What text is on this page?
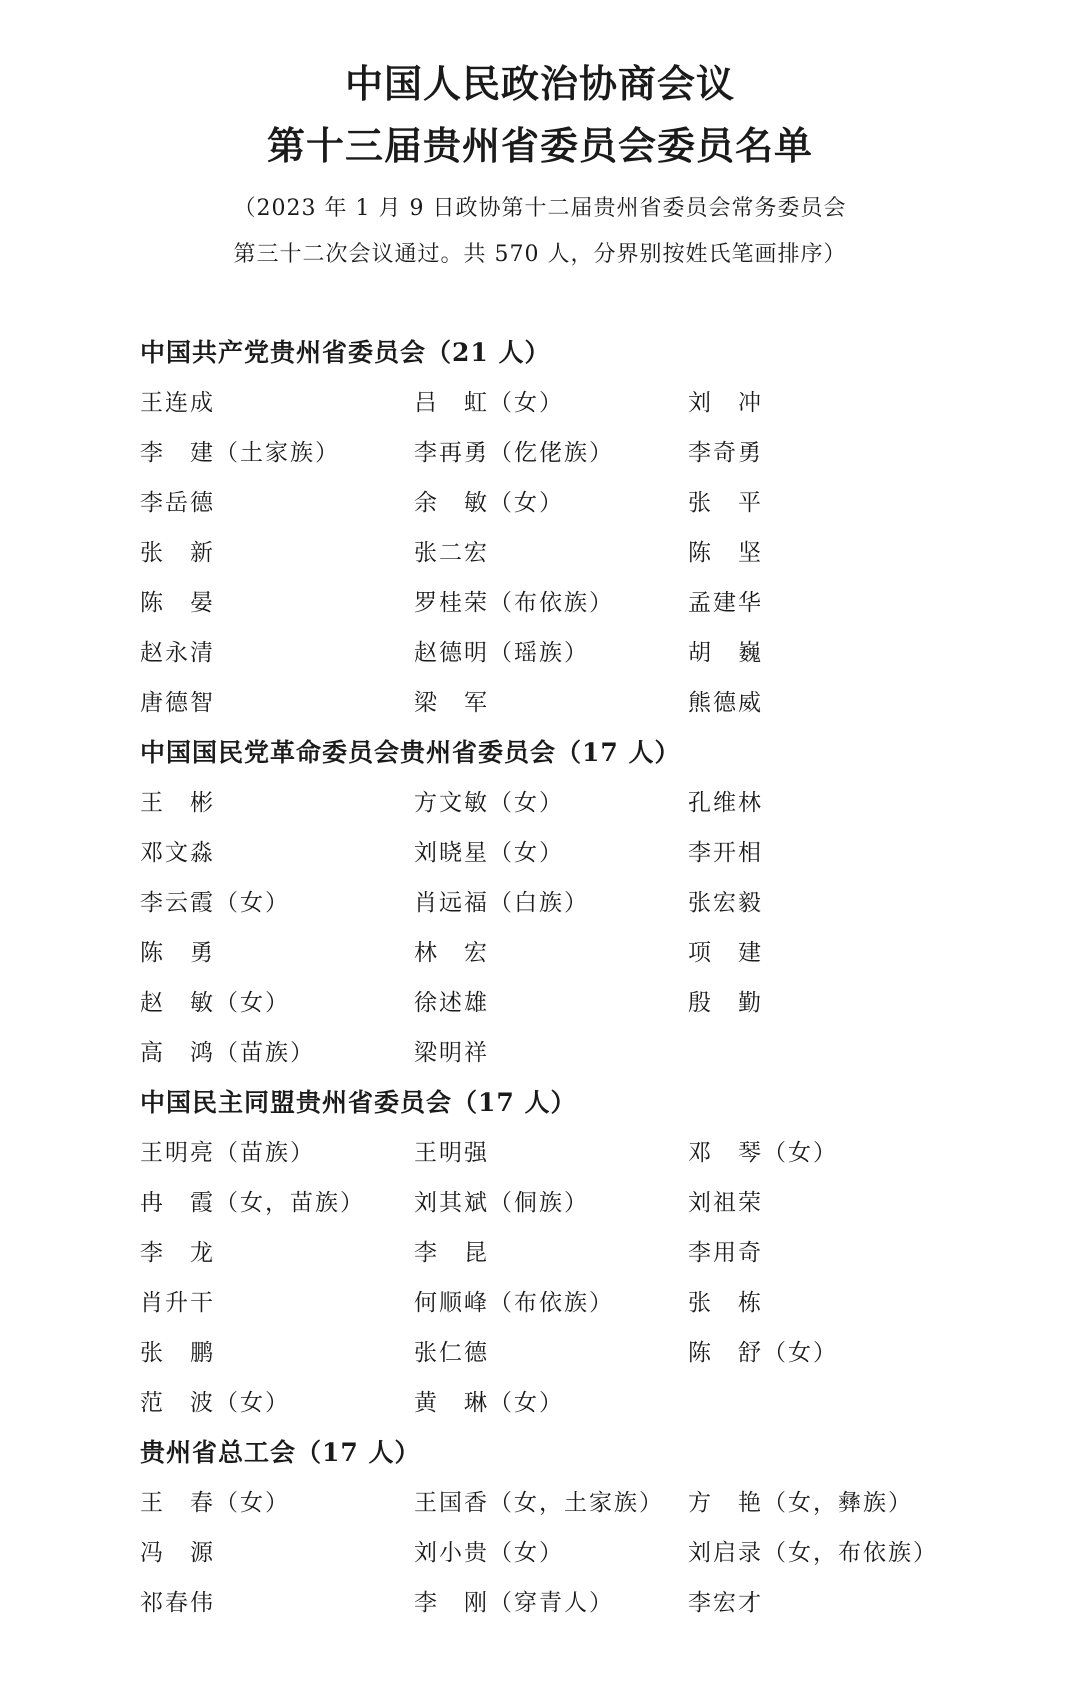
中国人民政治协商会议
第十三届贵州省委员会委员名单
（2023 年 1 月 9 日政协第十二届贵州省委员会常务委员会
第三十二次会议通过。共 570 人，分界别按姓氏笔画排序）
中国共产党贵州省委员会（21 人）
王连成	吕　虹（女）	刘　冲
李　建（土家族）	李再勇（仡佬族）	李奇勇
李岳德	余　敏（女）	张　平
张　新	张二宏	陈　坚
陈　晏	罗桂荣（布依族）	孟建华
赵永清	赵德明（瑶族）	胡　巍
唐德智	梁　军	熊德威
中国国民党革命委员会贵州省委员会（17 人）
王　彬	方文敏（女）	孔维林
邓文淼	刘晓星（女）	李开相
李云霞（女）	肖远福（白族）	张宏毅
陈　勇	林　宏	项　建
赵　敏（女）	徐述雄	殷　勤
高　鸿（苗族）	梁明祥
中国民主同盟贵州省委员会（17 人）
王明亮（苗族）	王明强	邓　琴（女）
冉　霞（女，苗族）	刘其斌（侗族）	刘祖荣
李　龙	李　昆	李用奇
肖升干	何顺峰（布依族）	张　栋
张　鹏	张仁德	陈　舒（女）
范　波（女）	黄　琳（女）
贵州省总工会（17 人）
王　春（女）	王国香（女，土家族）	方　艳（女，彝族）
冯　源	刘小贵（女）	刘启录（女，布依族）
祁春伟	李　刚（穿青人）	李宏才
